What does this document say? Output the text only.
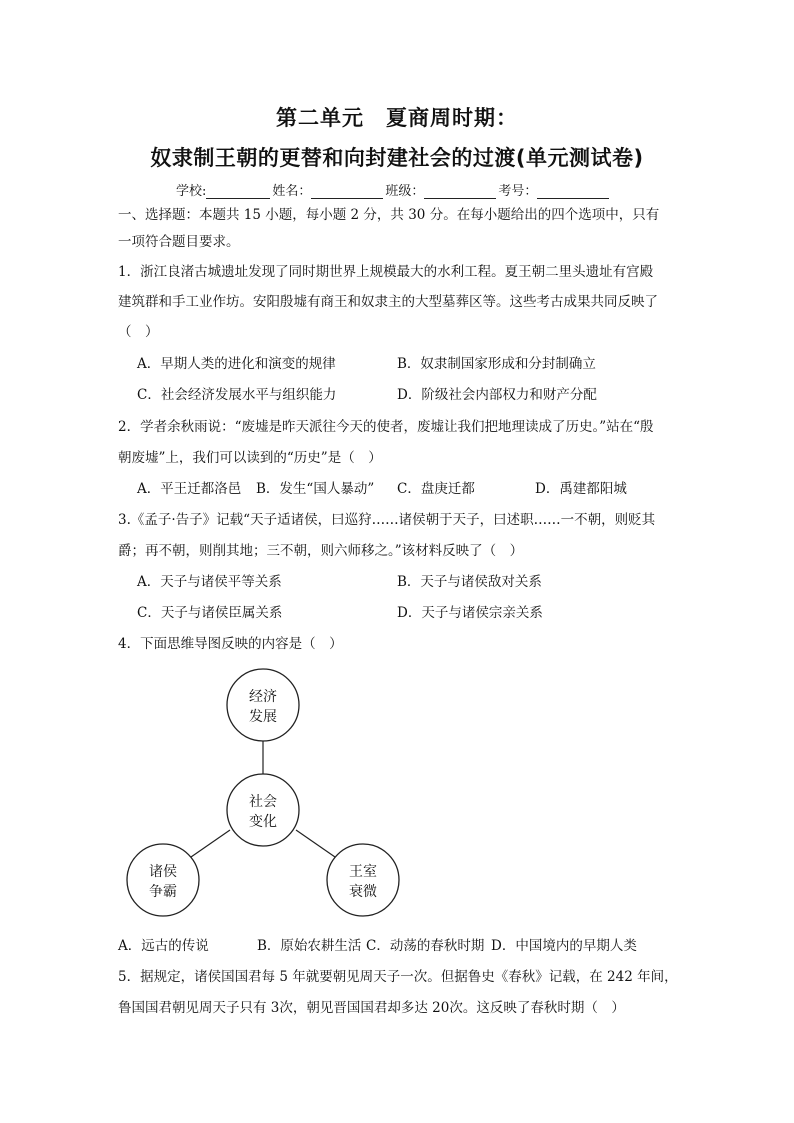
第二单元　夏商周时期：
奴隶制王朝的更替和向封建社会的过渡(单元测试卷)
学校:	姓名：	班级：	考号：
一、选择题：本题共 15 小题，每小题 2 分，共 30 分。在每小题给出的四个选项中，只有
一项符合题目要求。
1．浙江良渚古城遗址发现了同时期世界上规模最大的水利工程。夏王朝二里头遗址有宫殿
建筑群和手工业作坊。安阳殷墟有商王和奴隶主的大型墓葬区等。这些考古成果共同反映了
（　）
A．早期人类的进化和演变的规律	B．奴隶制国家形成和分封制确立
C．社会经济发展水平与组织能力	D．阶级社会内部权力和财产分配
2．学者余秋雨说：“废墟是昨天派往今天的使者，废墟让我们把地理读成了历史。”站在“殷
朝废墟”上，我们可以读到的“历史”是（　）
A．平王迁都洛邑 B．发生“国人暴动” C．盘庚迁都	D．禹建都阳城
3.《孟子·告子》记载“天子适诸侯，曰巡狩……诸侯朝于天子，曰述职……一不朝，则贬其
爵；再不朝，则削其地；三不朝，则六师移之。”该材料反映了（　）
A．天子与诸侯平等关系	B．天子与诸侯敌对关系
C．天子与诸侯臣属关系	D．天子与诸侯宗亲关系
4．下面思维导图反映的内容是（　）
经济
发展
社会
变化
诸侯
争霸
王室
衰微
A．远古的传说	B．原始农耕生活 C．动荡的春秋时期 D．中国境内的早期人类
5．据规定，诸侯国国君每 5 年就要朝见周天子一次。但据鲁史《春秋》记载，在 242 年间，
鲁国国君朝见周天子只有 3次，朝见晋国国君却多达 20次。这反映了春秋时期（　）
